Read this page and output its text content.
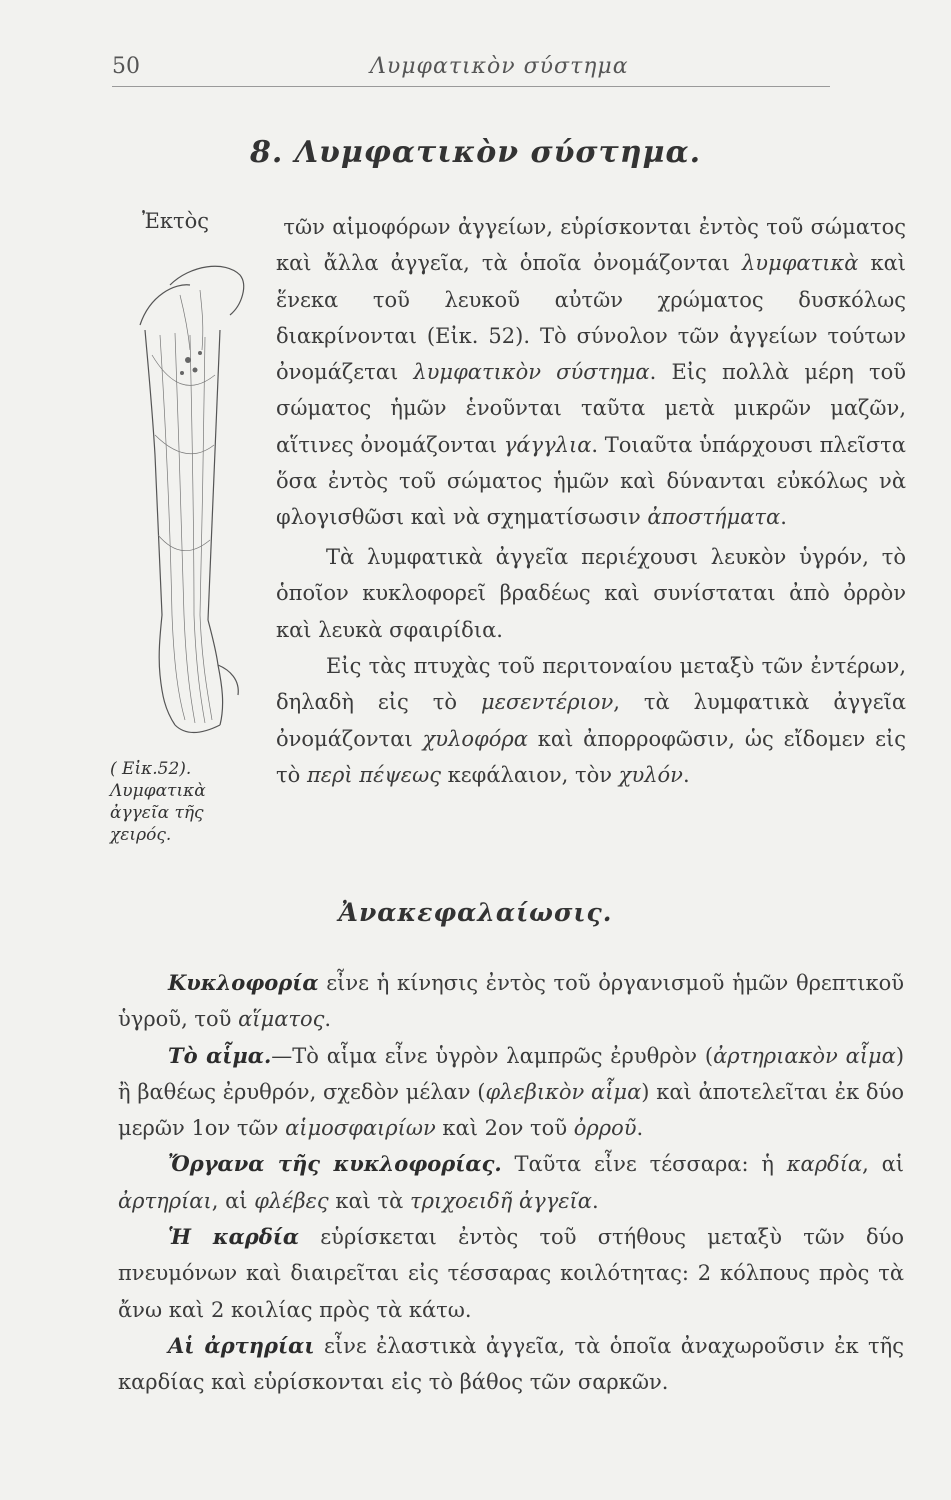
50	Λυμφατικὸν σύστημα
8. Λυμφατικὸν σύστημα.
Ἐκτὸς
( Εἰκ.52). Λυμφατικὰ ἀγγεῖα τῆς χειρός.

τῶν αἱμοφόρων ἀγγείων, εὑρίσκονται ἐντὸς τοῦ σώματος καὶ ἄλλα ἀγγεῖα, τὰ ὁποῖα ὀνομάζονται λυμφατικὰ καὶ ἕνεκα τοῦ λευκοῦ αὐτῶν χρώματος δυσκόλως διακρίνονται (Εἰκ. 52). Τὸ σύνολον τῶν ἀγγείων τούτων ὀνομάζεται λυμφατικὸν σύστημα. Εἰς πολλὰ μέρη τοῦ σώματος ἡμῶν ἑνοῦνται ταῦτα μετὰ μικρῶν μαζῶν, αἵτινες ὀνομάζονται γάγγλια. Τοιαῦτα ὑπάρχουσι πλεῖστα ὅσα ἐντὸς τοῦ σώματος ἡμῶν καὶ δύνανται εὐκόλως νὰ φλογισθῶσι καὶ νὰ σχηματίσωσιν ἀποστήματα.

Τὰ λυμφατικὰ ἀγγεῖα περιέχουσι λευκὸν ὑγρόν, τὸ ὁποῖον κυκλοφορεῖ βραδέως καὶ συνίσταται ἀπὸ ὀρρὸν καὶ λευκὰ σφαιρίδια.

Εἰς τὰς πτυχὰς τοῦ περιτοναίου μεταξὺ τῶν ἐντέρων, δηλαδὴ εἰς τὸ μεσεντέριον, τὰ λυμφατικὰ ἀγγεῖα ὀνομάζονται χυλοφόρα καὶ ἀπορροφῶσιν, ὡς εἴδομεν εἰς τὸ περὶ πέψεως κεφάλαιον, τὸν χυλόν.

Ἀνακεφαλαίωσις.

Κυκλοφορία εἶνε ἡ κίνησις ἐντὸς τοῦ ὀργανισμοῦ ἡμῶν θρεπτικοῦ ὑγροῦ, τοῦ αἵματος.

Τὸ αἷμα.—Τὸ αἷμα εἶνε ὑγρὸν λαμπρῶς ἐρυθρὸν (ἀρτηριακὸν αἷμα) ἢ βαθέως ἐρυθρόν, σχεδὸν μέλαν (φλεβικὸν αἷμα) καὶ ἀποτελεῖται ἐκ δύο μερῶν 1ον τῶν αἱμοσφαιρίων καὶ 2ον τοῦ ὀρροῦ.

Ὄργανα τῆς κυκλοφορίας. Ταῦτα εἶνε τέσσαρα: ἡ καρδία, αἱ ἀρτηρίαι, αἱ φλέβες καὶ τὰ τριχοειδῆ ἀγγεῖα.

Ἡ καρδία εὑρίσκεται ἐντὸς τοῦ στήθους μεταξὺ τῶν δύο πνευμόνων καὶ διαιρεῖται εἰς τέσσαρας κοιλότητας: 2 κόλπους πρὸς τὰ ἄνω καὶ 2 κοιλίας πρὸς τὰ κάτω.

Αἱ ἀρτηρίαι εἶνε ἐλαστικὰ ἀγγεῖα, τὰ ὁποῖα ἀναχωροῦσιν ἐκ τῆς καρδίας καὶ εὑρίσκονται εἰς τὸ βάθος τῶν σαρκῶν.
